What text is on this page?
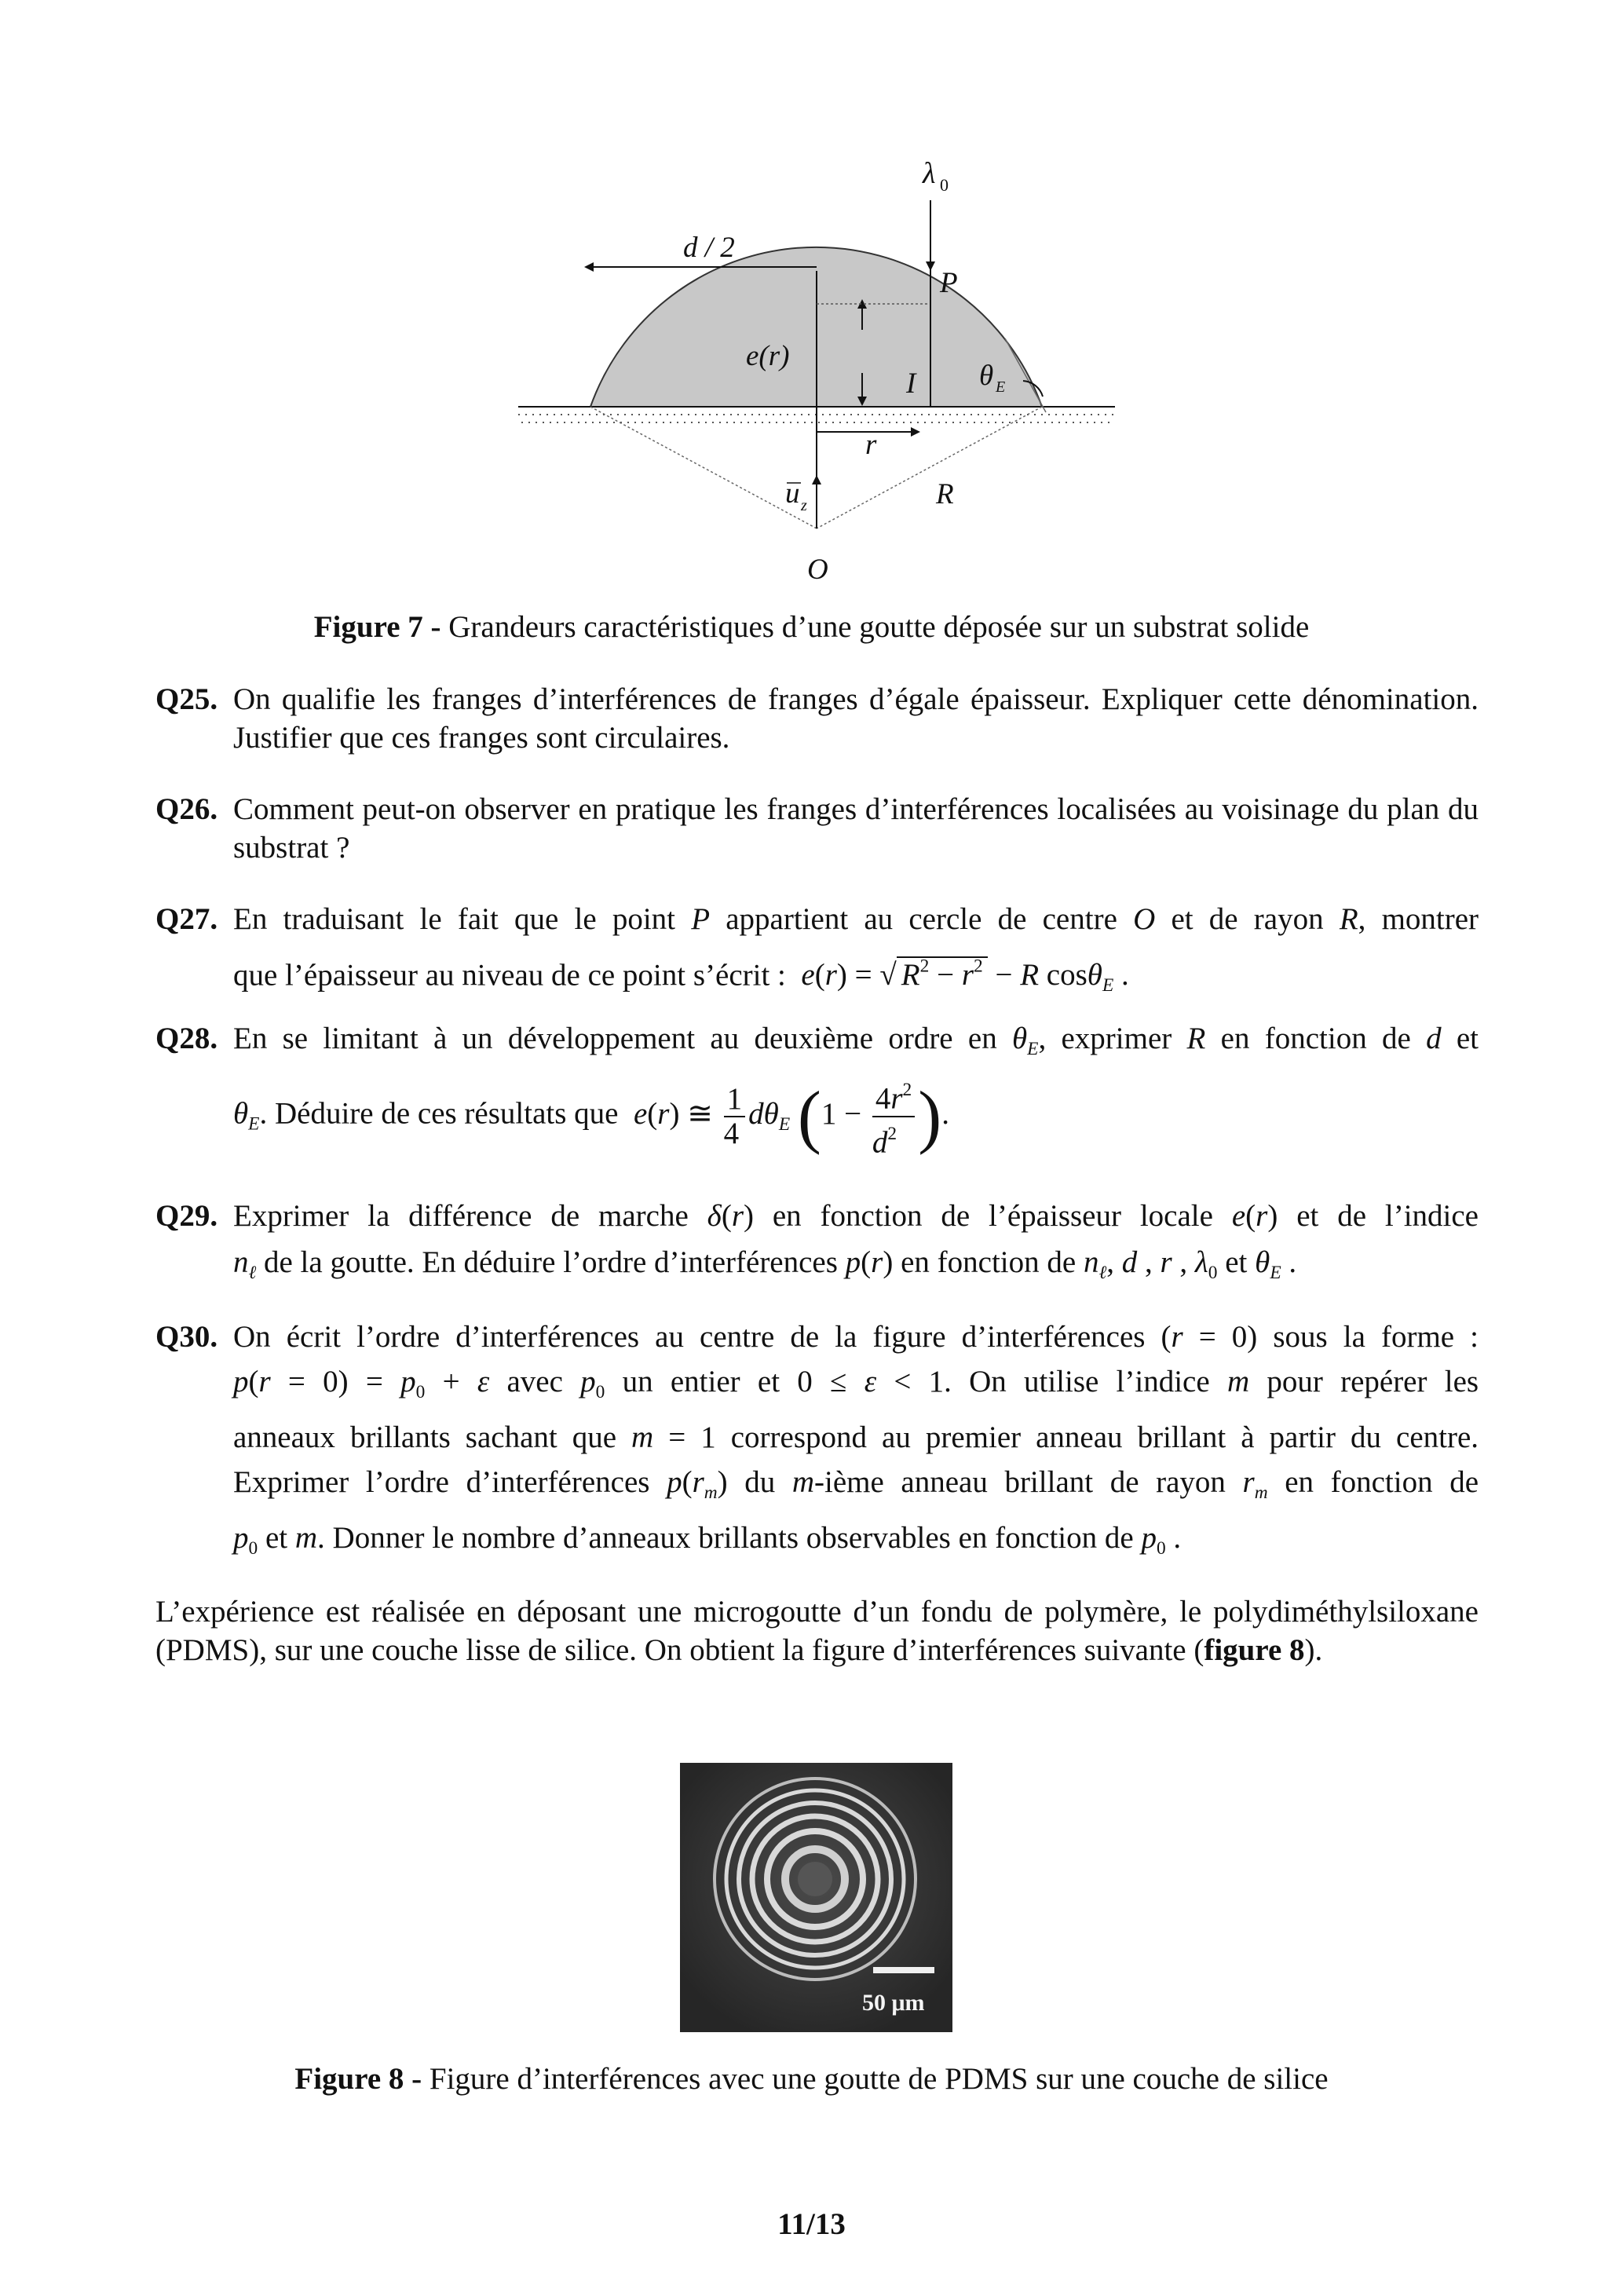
λ 0
d / 2
P
e(r)
I θ E
r
u z	R
O
Figure 7 - Grandeurs caractéristiques d’une goutte déposée sur un substrat solide
Q25. On qualifie les franges d’interférences de franges d’égale épaisseur. Expliquer cette dénomination. Justifier que ces franges sont circulaires.
Q26. Comment peut-on observer en pratique les franges d’interférences localisées au voisinage du plan du substrat ?
Q27. En traduisant le fait que le point P appartient au cercle de centre O et de rayon R, montrer
que l’épaisseur au niveau de ce point s’écrit : e(r) = √ $R^2 - r^2 - R$ cosθ$_E$ .
Q28. En se limitant à un développement au deuxième ordre en $\theta_E$, exprimer R en fonction de d et
$\theta_E$. Déduire de ces résultats que e(r) ≅ $\frac{1}{4} d\theta_E$ ($1 - \frac{4r^2}{d^2}$ ).
Q29. Exprimer la différence de marche δ(r) en fonction de l’épaisseur locale e(r) et de l’indice
$n_\ell$ de la goutte. En déduire l’ordre d’interférences p(r) en fonction de $n_\ell$, d , r , $\lambda_0$ et $\theta_E$ .
Q30. On écrit l’ordre d’interférences au centre de la figure d’interférences (r = 0) sous la forme :
$p(r = 0) = p_0 + \varepsilon$ avec $p_0$ un entier et 0 ≤ ε < 1. On utilise l’indice m pour repérer les
anneaux brillants sachant que m = 1 correspond au premier anneau brillant à partir du centre.
Exprimer l’ordre d’interférences $p(r_m)$ du m-ième anneau brillant de rayon $r_m$ en fonction de
$p_0$ et m. Donner le nombre d’anneaux brillants observables en fonction de $p_0$ .
L’expérience est réalisée en déposant une microgoutte d’un fondu de polymère, le polydiméthylsiloxane (PDMS), sur une couche lisse de silice. On obtient la figure d’interférences suivante (figure 8).
50 μm
Figure 8 - Figure d’interférences avec une goutte de PDMS sur une couche de silice
11/13
